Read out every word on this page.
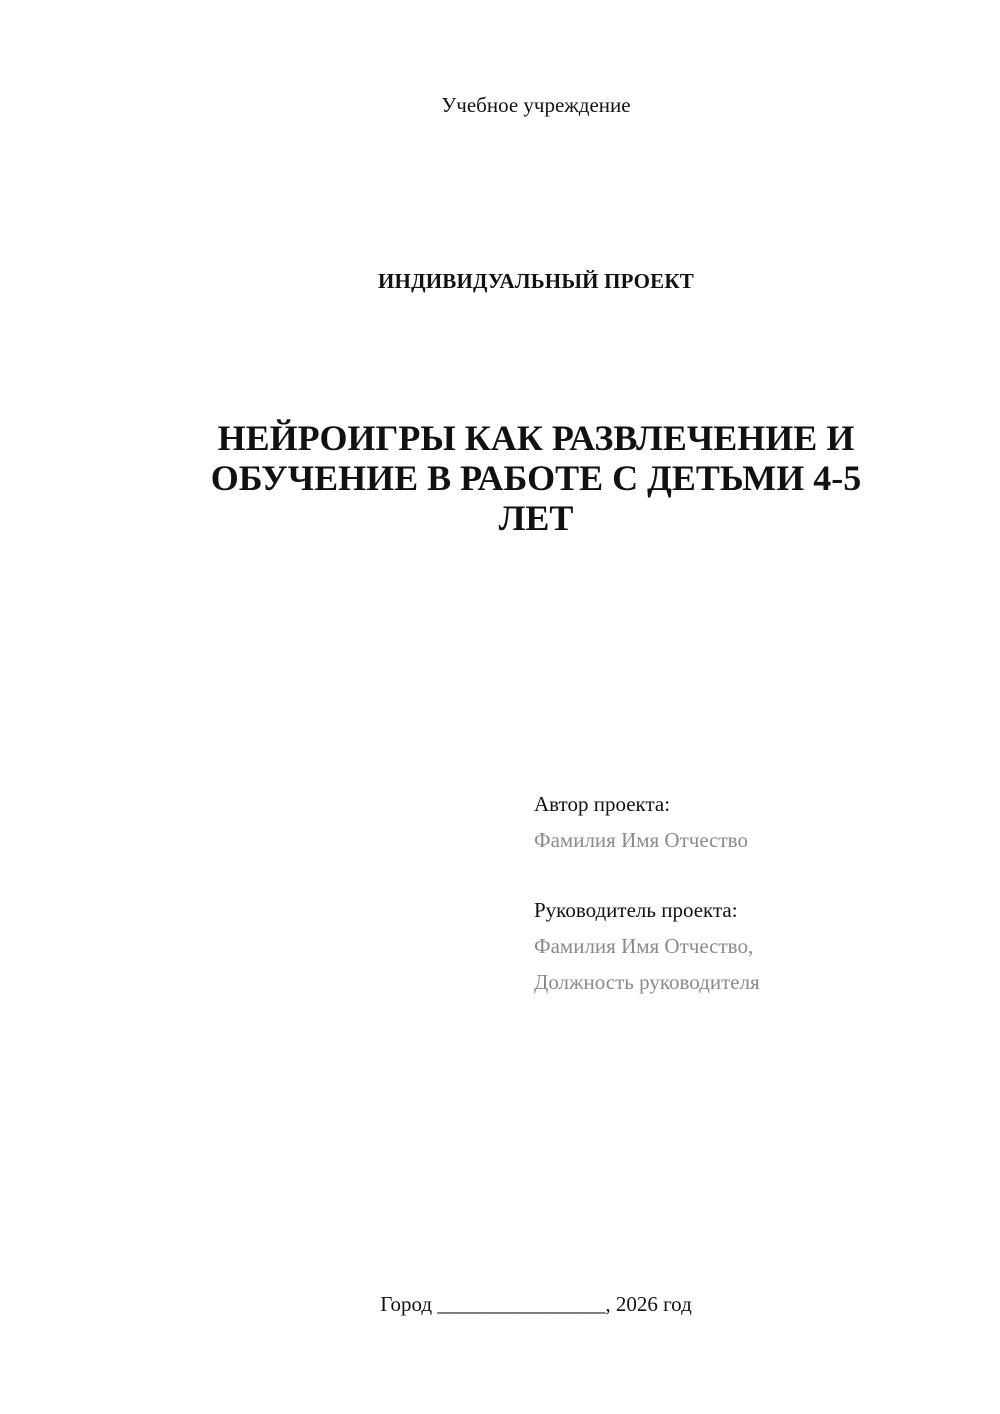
Учебное учреждение
ИНДИВИДУАЛЬНЫЙ ПРОЕКТ
НЕЙРОИГРЫ КАК РАЗВЛЕЧЕНИЕ И
ОБУЧЕНИЕ В РАБОТЕ С ДЕТЬМИ 4-5
ЛЕТ
Автор проекта:
Фамилия Имя Отчество
Руководитель проекта:
Фамилия Имя Отчество,
Должность руководителя
Город ________________, 2026 год
